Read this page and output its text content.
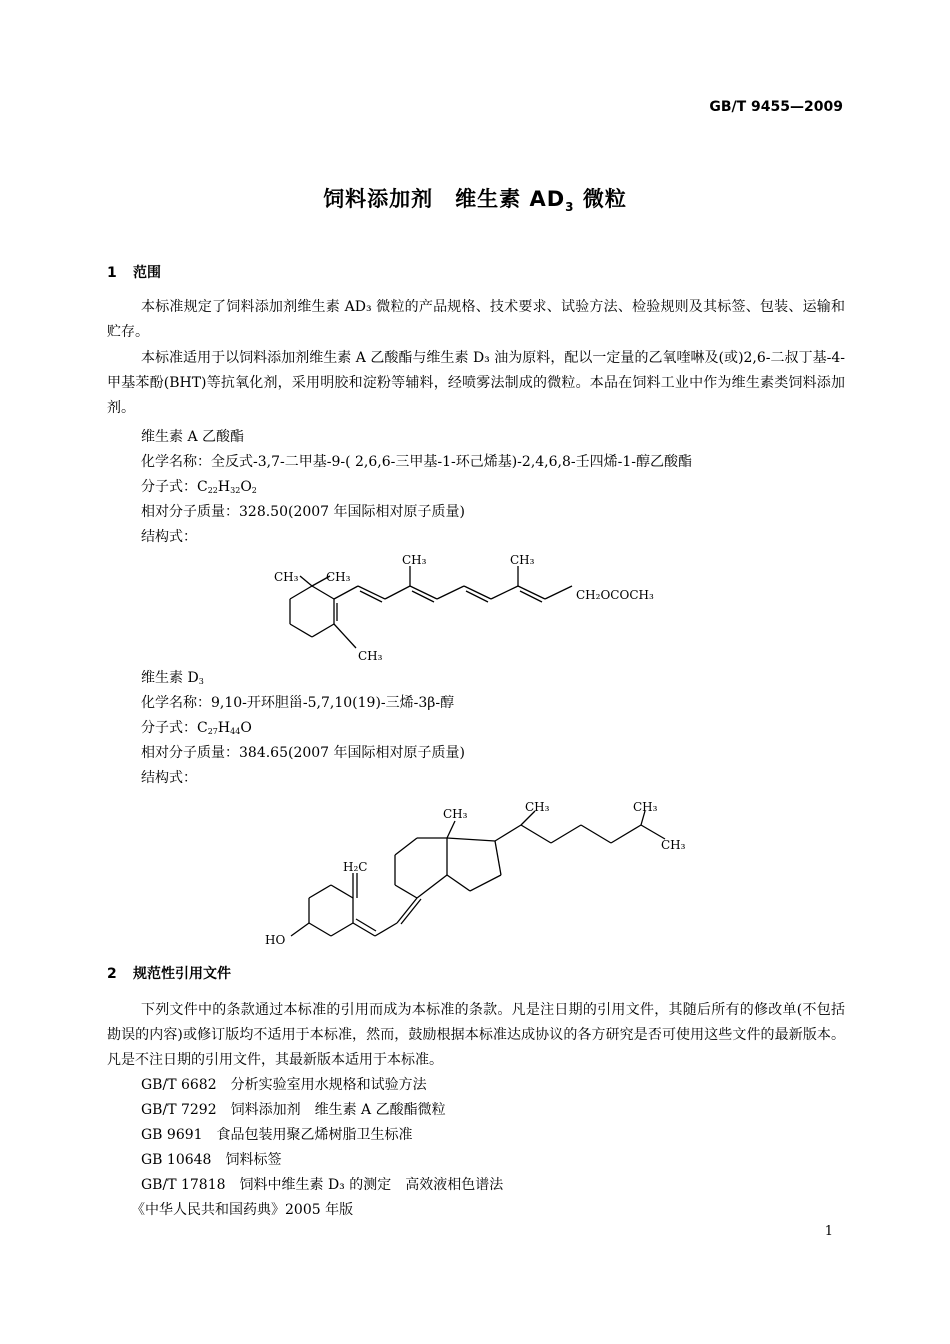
GB/T 9455—2009
饲料添加剂　维生素 $AD_3$ 微粒
1 范围
本标准规定了饲料添加剂维生素 AD₃ 微粒的产品规格、技术要求、试验方法、检验规则及其标签、包装、运输和贮存。
本标准适用于以饲料添加剂维生素 A 乙酸酯与维生素 D₃ 油为原料，配以一定量的乙氧喹啉及(或)2,6-二叔丁基-4-甲基苯酚(BHT)等抗氧化剂，采用明胶和淀粉等辅料，经喷雾法制成的微粒。本品在饲料工业中作为维生素类饲料添加剂。
维生素 A 乙酸酯
化学名称：全反式-3,7-二甲基-9-( 2,6,6-三甲基-1-环己烯基)-2,4,6,8-壬四烯-1-醇乙酸酯
分子式：C22H32O2
相对分子质量：328.50(2007 年国际相对原子质量)
结构式：
CH₃ CH₃
CH₃
CH₃	CH₃
CH₂OCOCH₃
维生素 D3
化学名称：9,10-开环胆甾-5,7,10(19)-三烯-3β-醇
分子式：C27H44O
相对分子质量：384.65(2007 年国际相对原子质量)
结构式：
CH₃	CH₃	CH₃
CH₃
H₂C
HO
2 规范性引用文件
下列文件中的条款通过本标准的引用而成为本标准的条款。凡是注日期的引用文件，其随后所有的修改单(不包括勘误的内容)或修订版均不适用于本标准，然而，鼓励根据本标准达成协议的各方研究是否可使用这些文件的最新版本。凡是不注日期的引用文件，其最新版本适用于本标准。
GB/T 6682　分析实验室用水规格和试验方法
GB/T 7292　饲料添加剂　维生素 A 乙酸酯微粒
GB 9691　食品包装用聚乙烯树脂卫生标准
GB 10648　饲料标签
GB/T 17818　饲料中维生素 D₃ 的测定　高效液相色谱法
《中华人民共和国药典》2005 年版
1
